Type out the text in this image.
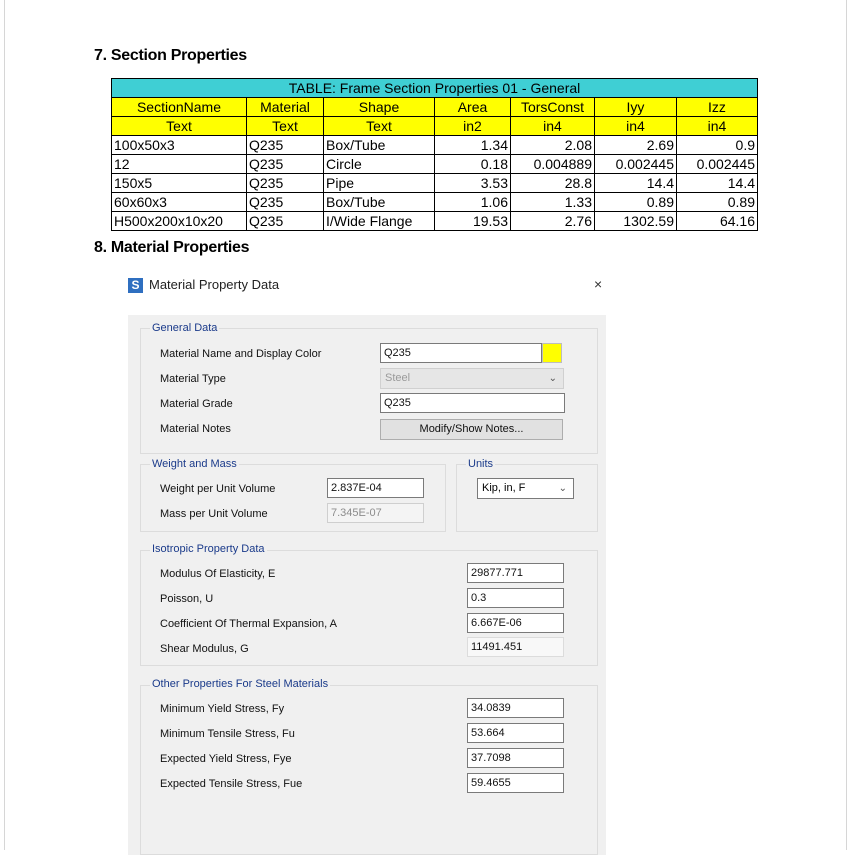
7. Section Properties
TABLE: Frame Section Properties 01 - General						
SectionName	Material	Shape	Area	TorsConst	Iyy	Izz
Text	Text	Text	in2	in4	in4	in4
100x50x3	Q235	Box/Tube	1.34	2.08	2.69	0.9
12	Q235	Circle	0.18	0.004889	0.002445	0.002445
150x5	Q235	Pipe	3.53	28.8	14.4	14.4
60x60x3	Q235	Box/Tube	1.06	1.33	0.89	0.89
H500x200x10x20	Q235	I/Wide Flange	19.53	2.76	1302.59	64.16
8. Material Properties
S Material Property Data	×
General Data
Material Name and Display Color	Q235
Material Type	Steel	⌄
Material Grade	Q235
Material Notes	Modify/Show Notes...
Weight and Mass
Weight per Unit Volume	2.837E-04
Mass per Unit Volume	7.345E-07
Units
Kip, in, F	⌄
Isotropic Property Data
Modulus Of Elasticity, E	29877.771
Poisson, U	0.3
Coefficient Of Thermal Expansion, A	6.667E-06
Shear Modulus, G	11491.451
Other Properties For Steel Materials
Minimum Yield Stress, Fy	34.0839
Minimum Tensile Stress, Fu	53.664
Expected Yield Stress, Fye	37.7098
Expected Tensile Stress, Fue	59.4655
